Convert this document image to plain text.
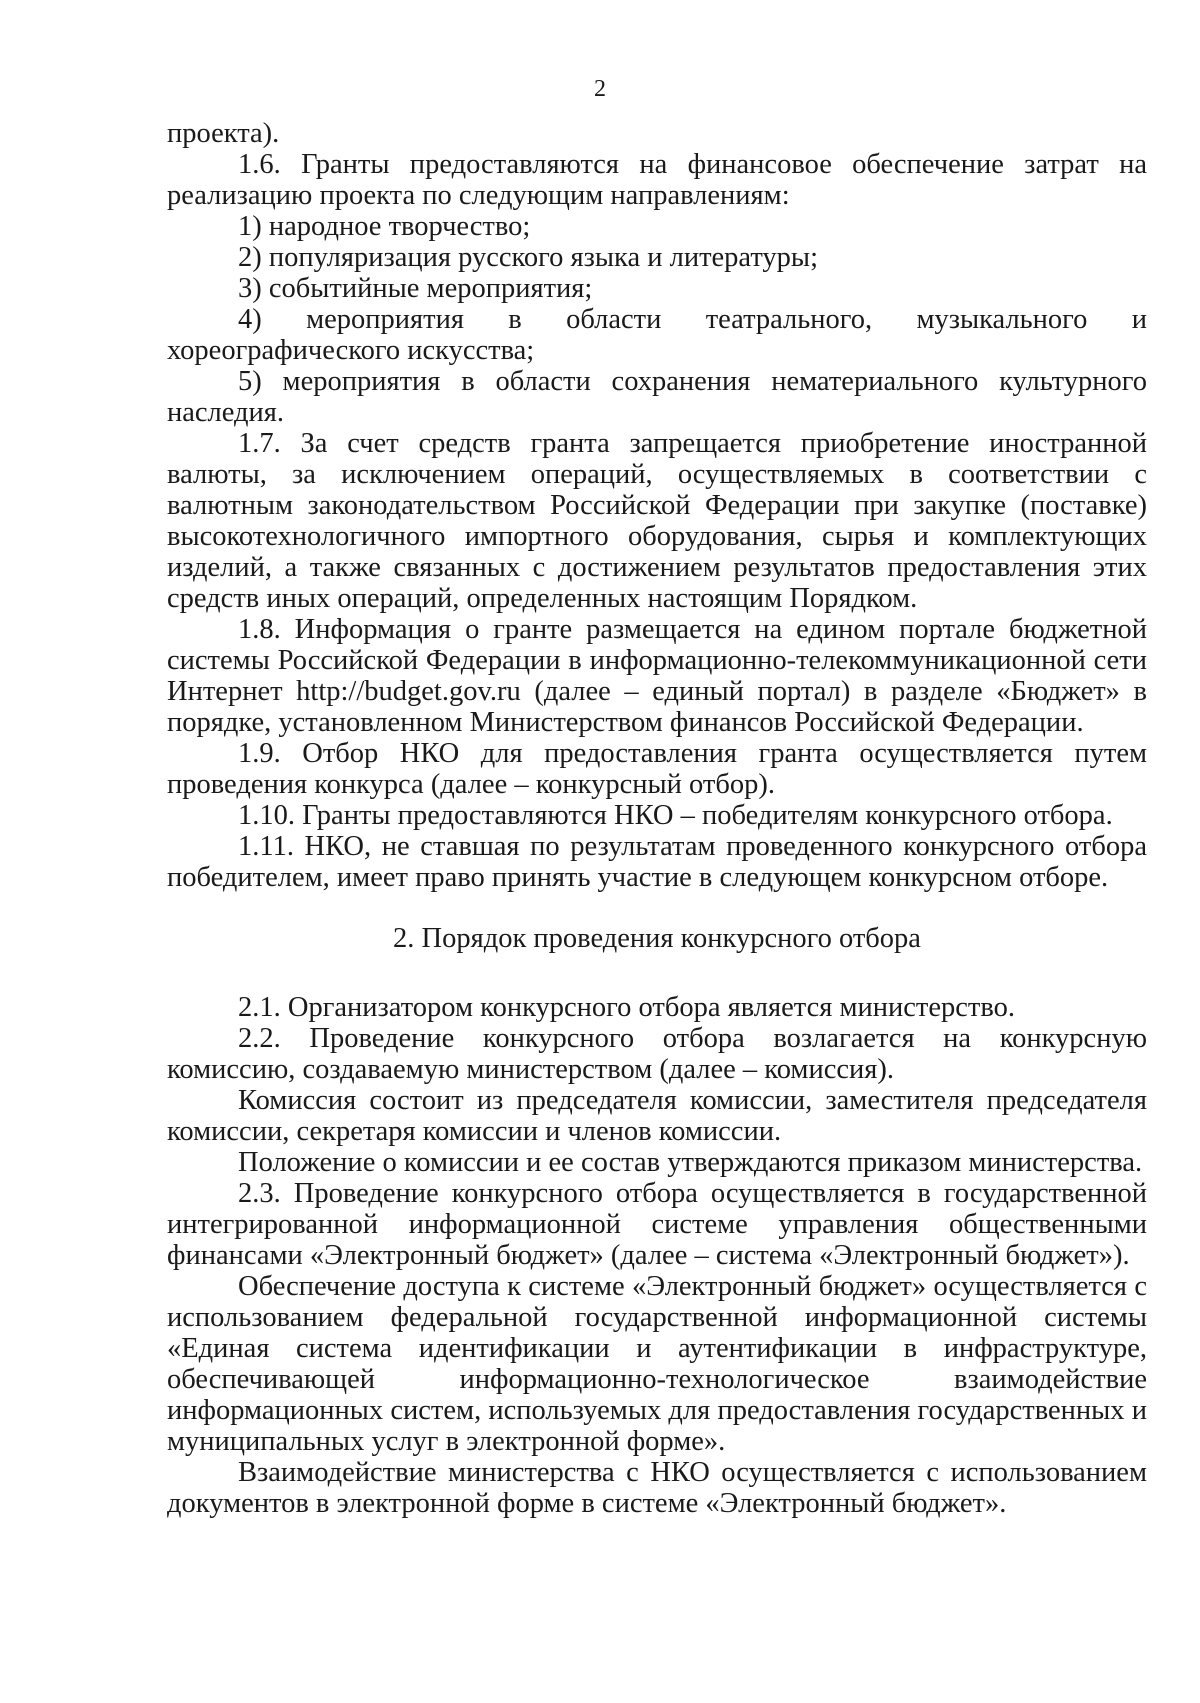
2

проекта).

1.6. Гранты предоставляются на финансовое обеспечение затрат на реализацию проекта по следующим направлениям:

1) народное творчество;

2) популяризация русского языка и литературы;

3) событийные мероприятия;

4) мероприятия в области театрального, музыкального и хореографического искусства;

5) мероприятия в области сохранения нематериального культурного наследия.

1.7. За счет средств гранта запрещается приобретение иностранной валюты, за исключением операций, осуществляемых в соответствии с валютным законодательством Российской Федерации при закупке (поставке) высокотехнологичного импортного оборудования, сырья и комплектующих изделий, а также связанных с достижением результатов предоставления этих средств иных операций, определенных настоящим Порядком.

1.8. Информация о гранте размещается на едином портале бюджетной системы Российской Федерации в информационно-телекоммуникационной сети Интернет http://budget.gov.ru (далее – единый портал) в разделе «Бюджет» в порядке, установленном Министерством финансов Российской Федерации.

1.9. Отбор НКО для предоставления гранта осуществляется путем проведения конкурса (далее – конкурсный отбор).

1.10. Гранты предоставляются НКО – победителям конкурсного отбора.

1.11. НКО, не ставшая по результатам проведенного конкурсного отбора победителем, имеет право принять участие в следующем конкурсном отборе.

2. Порядок проведения конкурсного отбора

2.1. Организатором конкурсного отбора является министерство.

2.2. Проведение конкурсного отбора возлагается на конкурсную комиссию, создаваемую министерством (далее – комиссия).

Комиссия состоит из председателя комиссии, заместителя председателя комиссии, секретаря комиссии и членов комиссии.

Положение о комиссии и ее состав утверждаются приказом министерства.

2.3. Проведение конкурсного отбора осуществляется в государственной интегрированной информационной системе управления общественными финансами «Электронный бюджет» (далее – система «Электронный бюджет»).

Обеспечение доступа к системе «Электронный бюджет» осуществляется с использованием федеральной государственной информационной системы «Единая система идентификации и аутентификации в инфраструктуре, обеспечивающей информационно-технологическое взаимодействие информационных систем, используемых для предоставления государственных и муниципальных услуг в электронной форме».

Взаимодействие министерства с НКО осуществляется с использованием документов в электронной форме в системе «Электронный бюджет».
